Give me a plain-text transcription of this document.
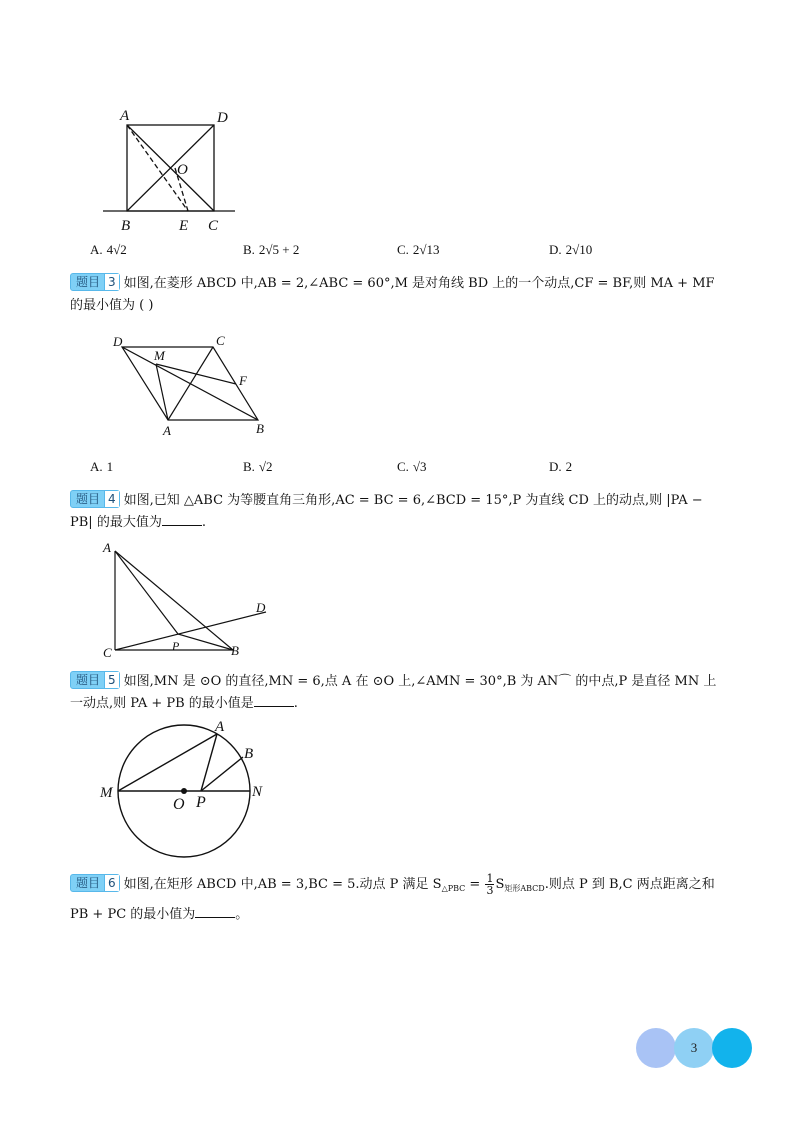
A	D
O
B	E C
A. 4√2	B. 2√5 + 2	C. 2√13	D. 2√10
题目 3 如图,在菱形 ABCD 中,AB = 2,∠ABC = 60°,M 是对角线 BD 上的一个动点,CF = BF,则 MA + MF 的最小值为 ( )
D	C
M
F
A	B
A. 1	B. √2	C. √3	D. 2
题目 4 如图,已知 △ABC 为等腰直角三角形,AC = BC = 6,∠BCD = 15°,P 为直线 CD 上的动点,则 |PA − PB| 的最大值为	.
A
D
P
C	B
题目 5 如图,MN 是 ⊙O 的直径,MN = 6,点 A 在 ⊙O 上,∠AMN = 30°,B 为 AN⌒ 的中点,P 是直径 MN 上一动点,则 PA + PB 的最小值是	.
A
B
M
O P
N
题目 6 如图,在矩形 ABCD 中,AB = 3,BC = 5.动点 P 满足 $S_{\triangle PBC} = \frac{1}{3} S_{矩形ABCD}$.则点 P 到 B,C 两点距离之和 PB + PC 的最小值为	。
3
